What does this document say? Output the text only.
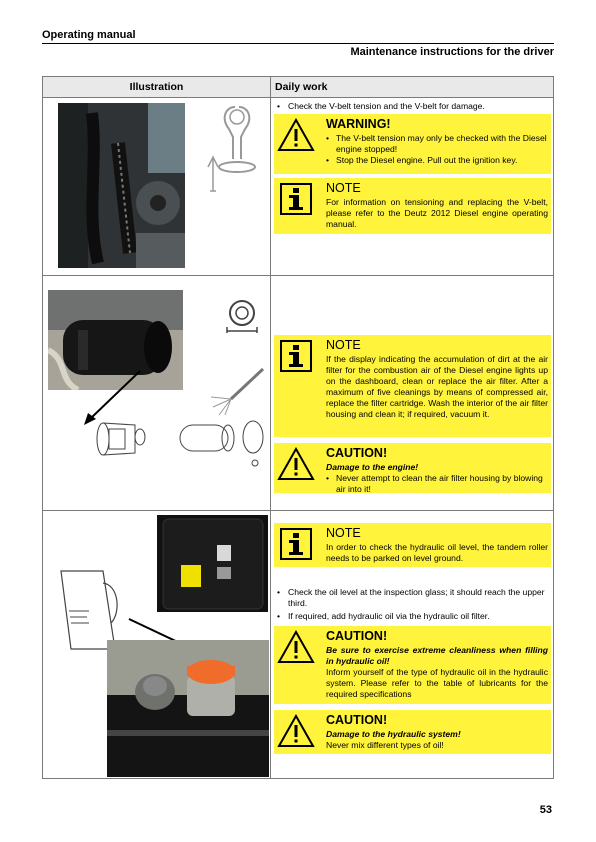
Operating manual
Maintenance instructions for the driver
Illustration	Daily work
• Check the V-belt tension and the V-belt for damage.
WARNING!
• The V-belt tension may only be checked with the Diesel engine stopped!
• Stop the Diesel engine. Pull out the ignition key.
NOTE
For information on tensioning and replacing the V-belt, please refer to the Deutz 2012 Diesel engine operating manual.
NOTE
If the display indicating the accumulation of dirt at the air filter for the combustion air of the Diesel engine lights up on the dashboard, clean or replace the air filter. After a maximum of five cleanings by means of compressed air, replace the filter cartridge. Wash the interior of the air filter housing and clean it; if required, vacuum it.
CAUTION!
Damage to the engine!
• Never attempt to clean the air filter housing by blowing air into it!
NOTE
In order to check the hydraulic oil level, the tandem roller needs to be parked on level ground.
• Check the oil level at the inspection glass; it should reach the upper third.
• If required, add hydraulic oil via the hydraulic oil filter.
CAUTION!
Be sure to exercise extreme cleanliness when filling in hydraulic oil!
Inform yourself of the type of hydraulic oil in the hydraulic system. Please refer to the table of lubricants for the required specifications
CAUTION!
Damage to the hydraulic system!
Never mix different types of oil!
53
